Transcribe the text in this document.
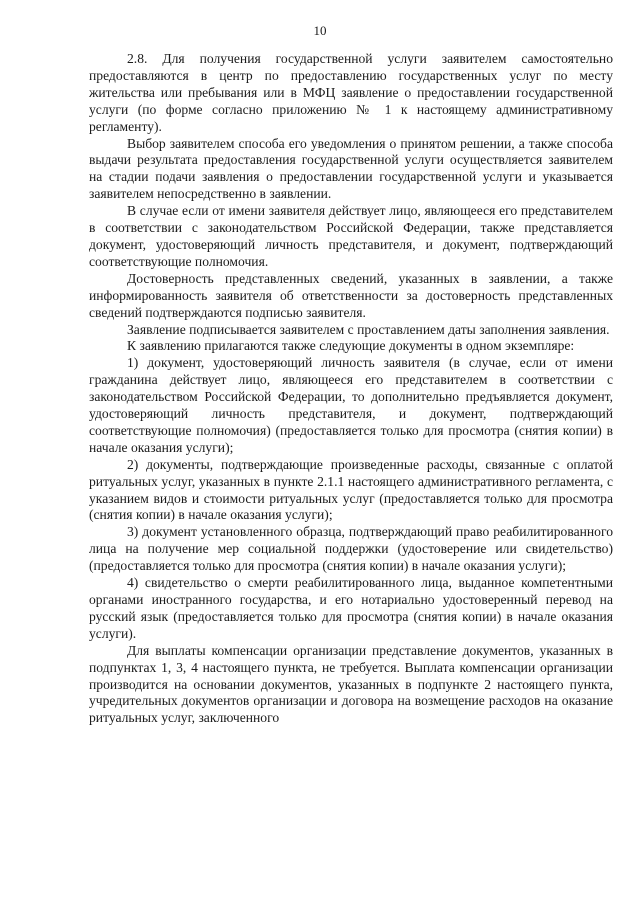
10

2.8. Для получения государственной услуги заявителем самостоятельно предоставляются в центр по предоставлению государственных услуг по месту жительства или пребывания или в МФЦ заявление о предоставлении государственной услуги (по форме согласно приложению № 1 к настоящему административному регламенту).

Выбор заявителем способа его уведомления о принятом решении, а также способа выдачи результата предоставления государственной услуги осуществляется заявителем на стадии подачи заявления о предоставлении государственной услуги и указывается заявителем непосредственно в заявлении.

В случае если от имени заявителя действует лицо, являющееся его представителем в соответствии с законодательством Российской Федерации, также представляется документ, удостоверяющий личность представителя, и документ, подтверждающий соответствующие полномочия.

Достоверность представленных сведений, указанных в заявлении, а также информированность заявителя об ответственности за достоверность представленных сведений подтверждаются подписью заявителя.

Заявление подписывается заявителем с проставлением даты заполнения заявления.

К заявлению прилагаются также следующие документы в одном экземпляре:

1) документ, удостоверяющий личность заявителя (в случае, если от имени гражданина действует лицо, являющееся его представителем в соответствии с законодательством Российской Федерации, то дополнительно предъявляется документ, удостоверяющий личность представителя, и документ, подтверждающий соответствующие полномочия) (предоставляется только для просмотра (снятия копии) в начале оказания услуги);

2) документы, подтверждающие произведенные расходы, связанные с оплатой ритуальных услуг, указанных в пункте 2.1.1 настоящего административного регламента, с указанием видов и стоимости ритуальных услуг (предоставляется только для просмотра (снятия копии) в начале оказания услуги);

3) документ установленного образца, подтверждающий право реабилитированного лица на получение мер социальной поддержки (удостоверение или свидетельство) (предоставляется только для просмотра (снятия копии) в начале оказания услуги);

4) свидетельство о смерти реабилитированного лица, выданное компетентными органами иностранного государства, и его нотариально удостоверенный перевод на русский язык (предоставляется только для просмотра (снятия копии) в начале оказания услуги).

Для выплаты компенсации организации представление документов, указанных в подпунктах 1, 3, 4 настоящего пункта, не требуется. Выплата компенсации организации производится на основании документов, указанных в подпункте 2 настоящего пункта, учредительных документов организации и договора на возмещение расходов на оказание ритуальных услуг, заключенного
